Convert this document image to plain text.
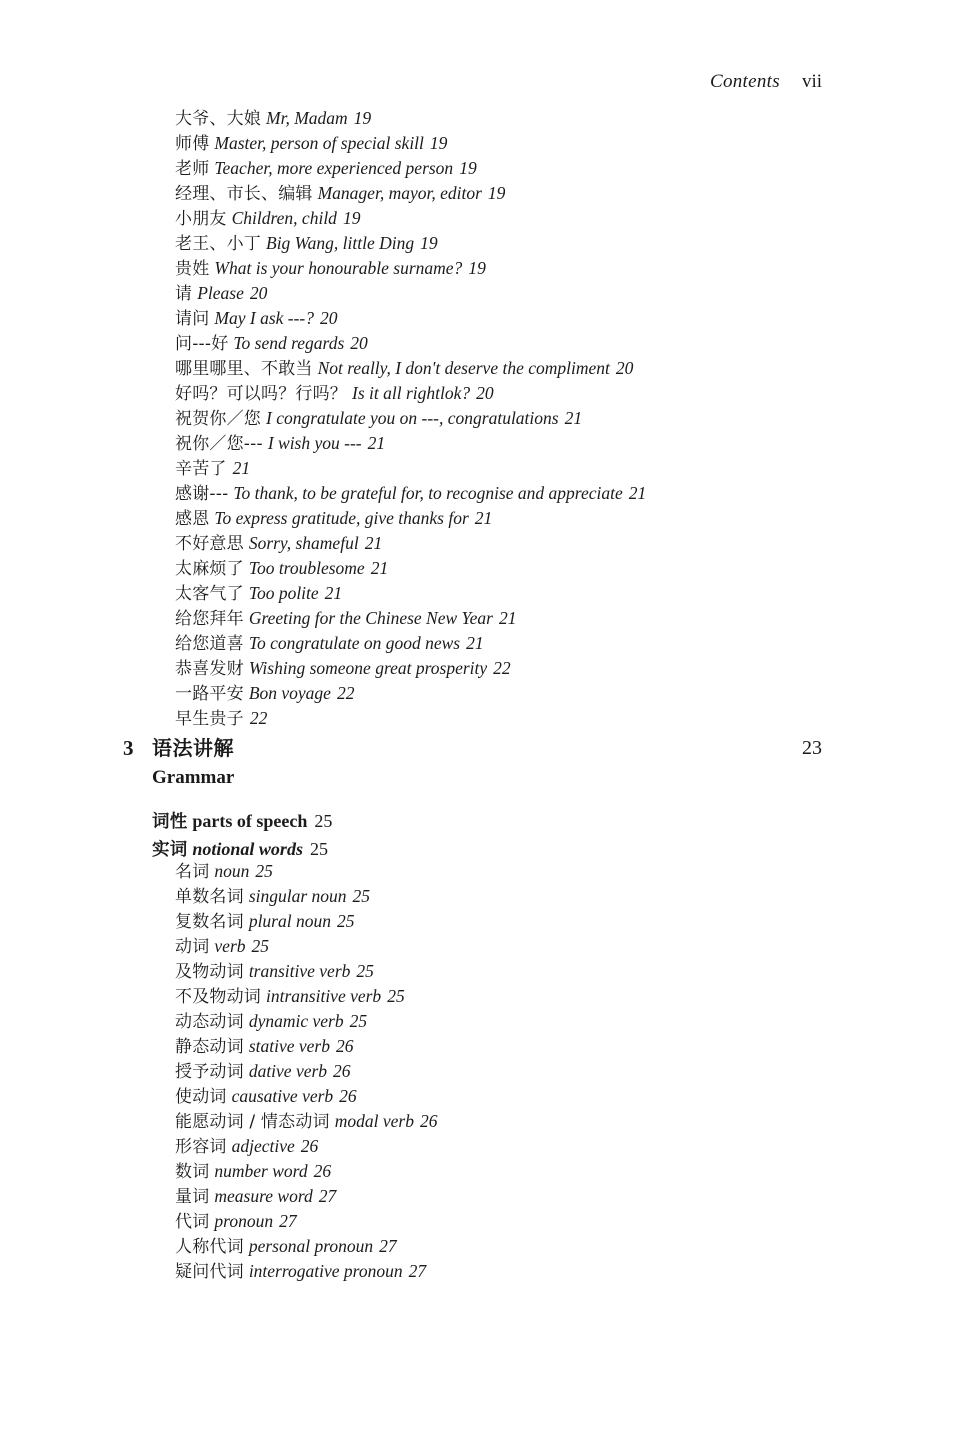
Contents vii
大爷、大娘 Mr, Madam 19
师傅 Master, person of special skill 19
老师 Teacher, more experienced person 19
经理、市长、编辑 Manager, mayor, editor 19
小朋友 Children, child 19
老王、小丁 Big Wang, little Ding 19
贵姓 What is your honourable surname? 19
请 Please 20
请问 May I ask ---? 20
问---好 To send regards 20
哪里哪里、不敢当 Not really, I don't deserve the compliment 20
好吗？可以吗？行吗？ Is it all rightlok? 20
祝贺你／您 I congratulate you on ---, congratulations 21
祝你／您--- I wish you --- 21
辛苦了 21
感谢--- To thank, to be grateful for, to recognise and appreciate 21
感恩 To express gratitude, give thanks for 21
不好意思 Sorry, shameful 21
太麻烦了 Too troublesome 21
太客气了 Too polite 21
给您拜年 Greeting for the Chinese New Year 21
给您道喜 To congratulate on good news 21
恭喜发财 Wishing someone great prosperity 22
一路平安 Bon voyage 22
早生贵子 22
3 语法讲解	23
Grammar
词性 parts of speech 25
实词 notional words 25
名词 noun 25
单数名词 singular noun 25
复数名词 plural noun 25
动词 verb 25
及物动词 transitive verb 25
不及物动词 intransitive verb 25
动态动词 dynamic verb 25
静态动词 stative verb 26
授予动词 dative verb 26
使动词 causative verb 26
能愿动词 / 情态动词 modal verb 26
形容词 adjective 26
数词 number word 26
量词 measure word 27
代词 pronoun 27
人称代词 personal pronoun 27
疑问代词 interrogative pronoun 27
